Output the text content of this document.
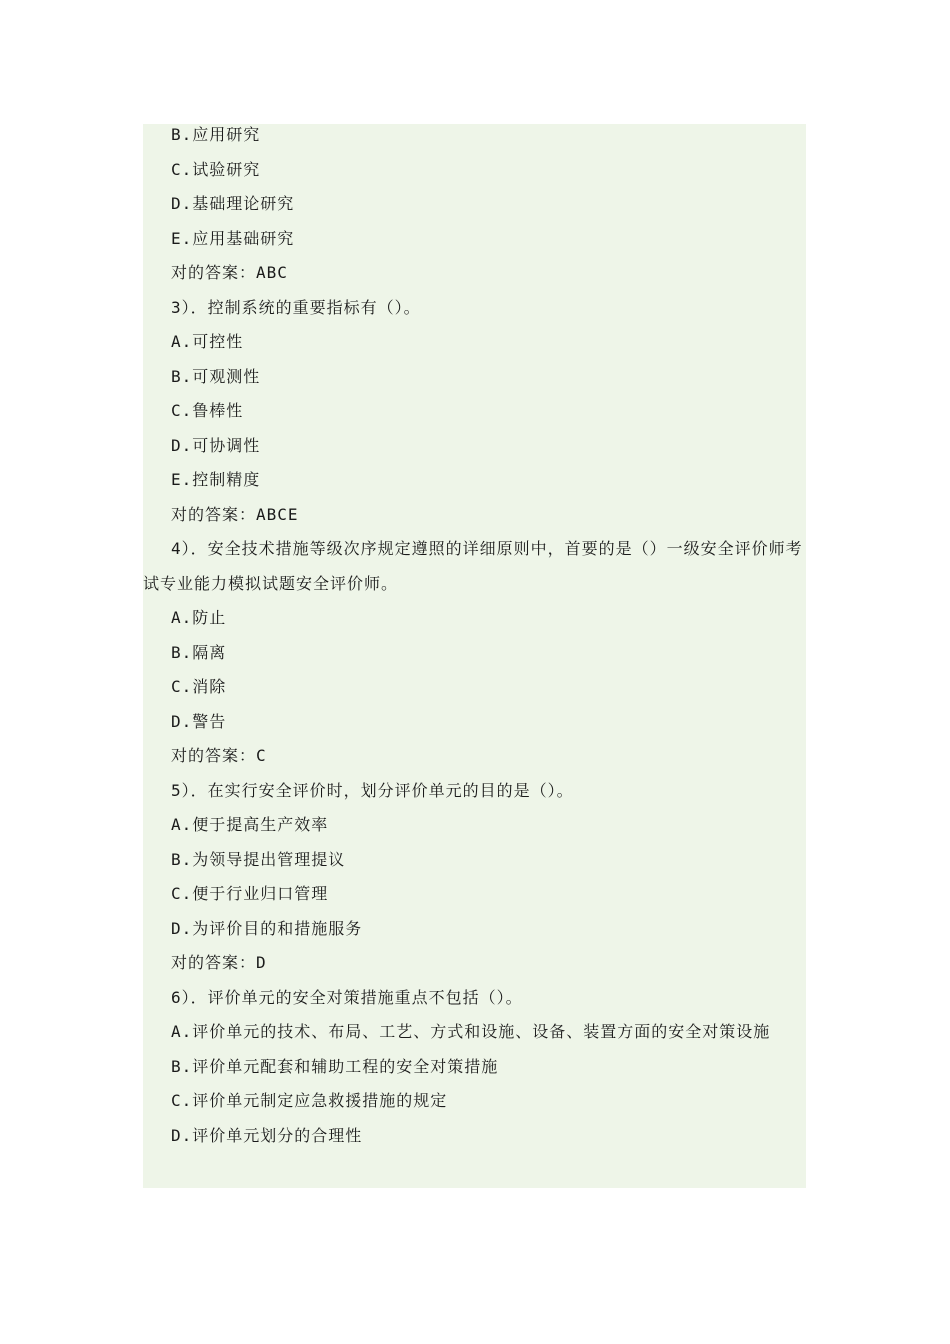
B.应用研究
C.试验研究
D.基础理论研究
E.应用基础研究
对的答案：ABC
3）．控制系统的重要指标有（）。
A.可控性
B.可观测性
C.鲁棒性
D.可协调性
E.控制精度
对的答案：ABCE
4）．安全技术措施等级次序规定遵照的详细原则中，首要的是（）一级安全评价师考试专业能力模拟试题安全评价师。
A.防止
B.隔离
C.消除
D.警告
对的答案：C
5）．在实行安全评价时，划分评价单元的目的是（）。
A.便于提高生产效率
B.为领导提出管理提议
C.便于行业归口管理
D.为评价目的和措施服务
对的答案：D
6）．评价单元的安全对策措施重点不包括（）。
A.评价单元的技术、布局、工艺、方式和设施、设备、装置方面的安全对策设施
B.评价单元配套和辅助工程的安全对策措施
C.评价单元制定应急救援措施的规定
D.评价单元划分的合理性
